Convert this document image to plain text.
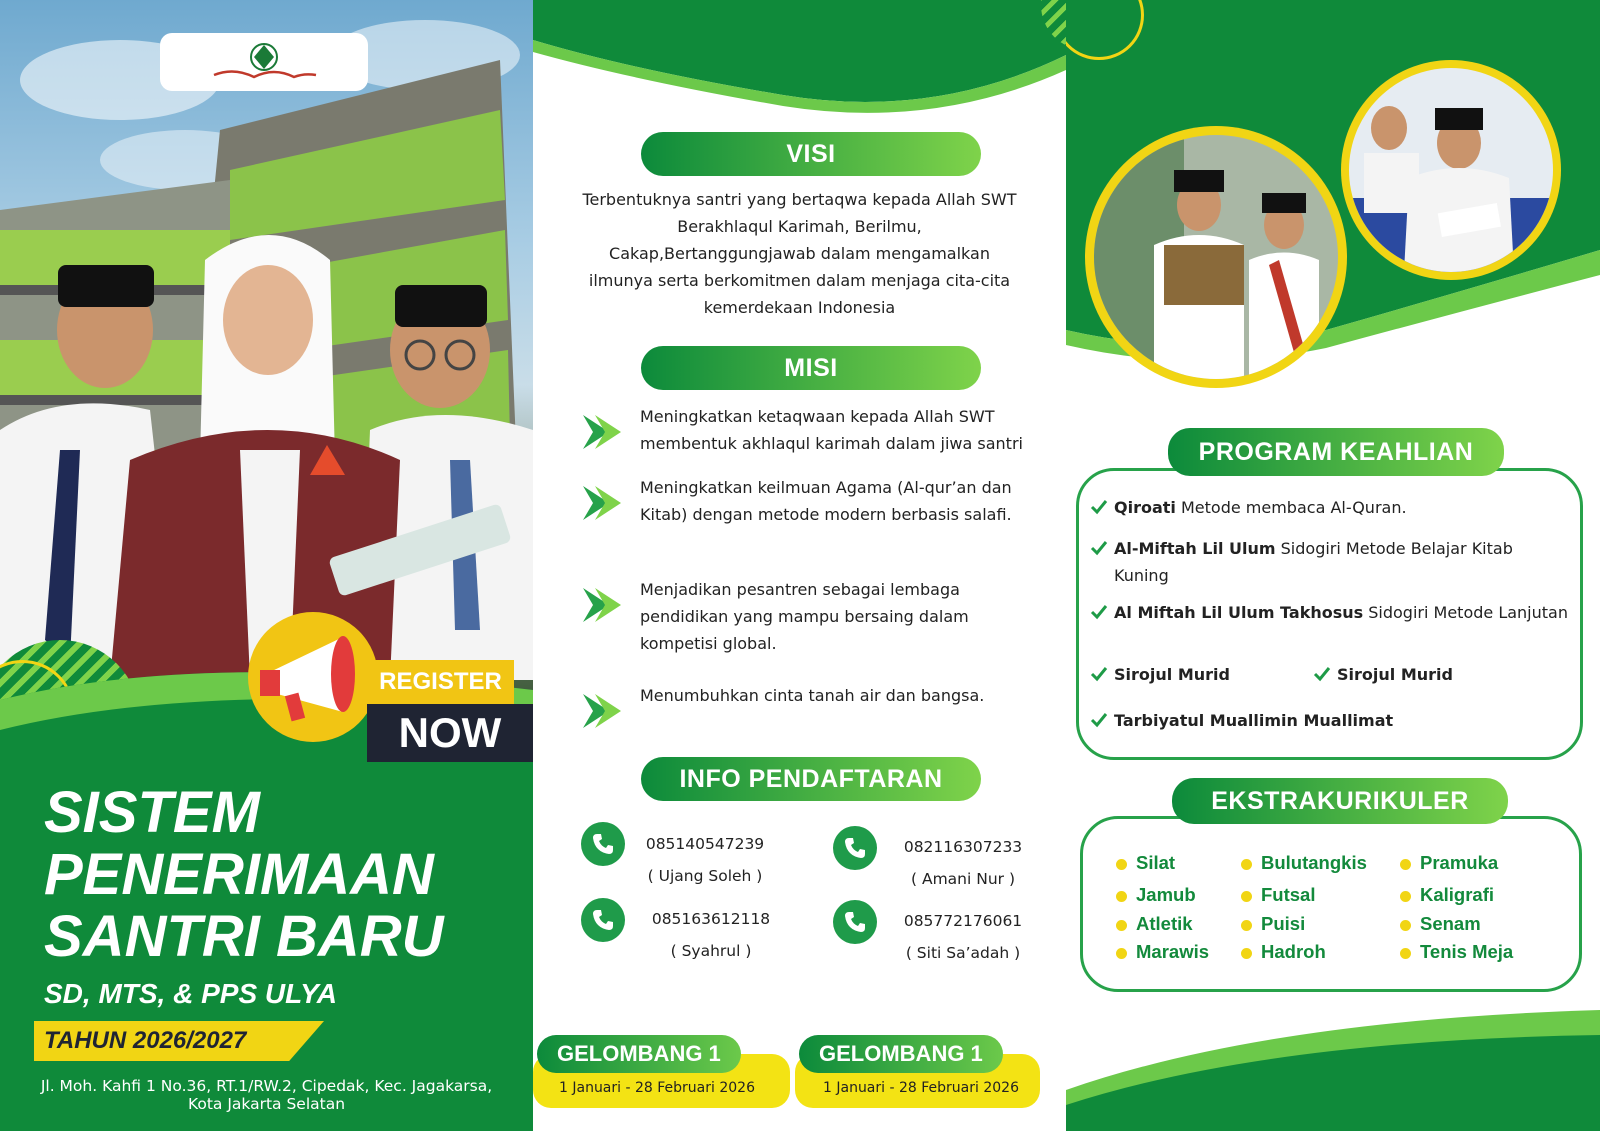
REGISTER
NOW
SISTEM
PENERIMAAN
SANTRI BARU
SD, MTS, & PPS ULYA
TAHUN 2026/2027
Jl. Moh. Kahfi 1 No.36, RT.1/RW.2, Cipedak, Kec. Jagakarsa,
Kota Jakarta Selatan
VISI
Terbentuknya santri yang bertaqwa kepada Allah SWT
Berakhlaqul Karimah, Berilmu,
Cakap,Bertanggungjawab dalam mengamalkan
ilmunya serta berkomitmen dalam menjaga cita-cita
kemerdekaan Indonesia
MISI
Meningkatkan ketaqwaan kepada Allah SWT membentuk akhlaqul karimah dalam jiwa santri
Meningkatkan keilmuan Agama (Al-qur’an dan Kitab) dengan metode modern berbasis salafi.
Menjadikan pesantren sebagai lembaga pendidikan yang mampu bersaing dalam kompetisi global.
Menumbuhkan cinta tanah air dan bangsa.
INFO PENDAFTARAN
085140547239
( Ujang Soleh )
082116307233
( Amani Nur )
085163612118
( Syahrul )
085772176061
( Siti Sa’adah )
GELOMBANG 1
1 Januari - 28 Februari 2026
GELOMBANG 1
1 Januari - 28 Februari 2026
PROGRAM KEAHLIAN
Qiroati Metode membaca Al-Quran.
Al-Miftah Lil Ulum Sidogiri Metode Belajar Kitab Kuning
Al Miftah Lil Ulum Takhosus Sidogiri Metode Lanjutan
Sirojul Murid	Sirojul Murid
Tarbiyatul Muallimin Muallimat
EKSTRAKURIKULER
Silat	Bulutangkis	Pramuka
Jamub	Futsal	Kaligrafi
Atletik	Puisi	Senam
Marawis	Hadroh	Tenis Meja
